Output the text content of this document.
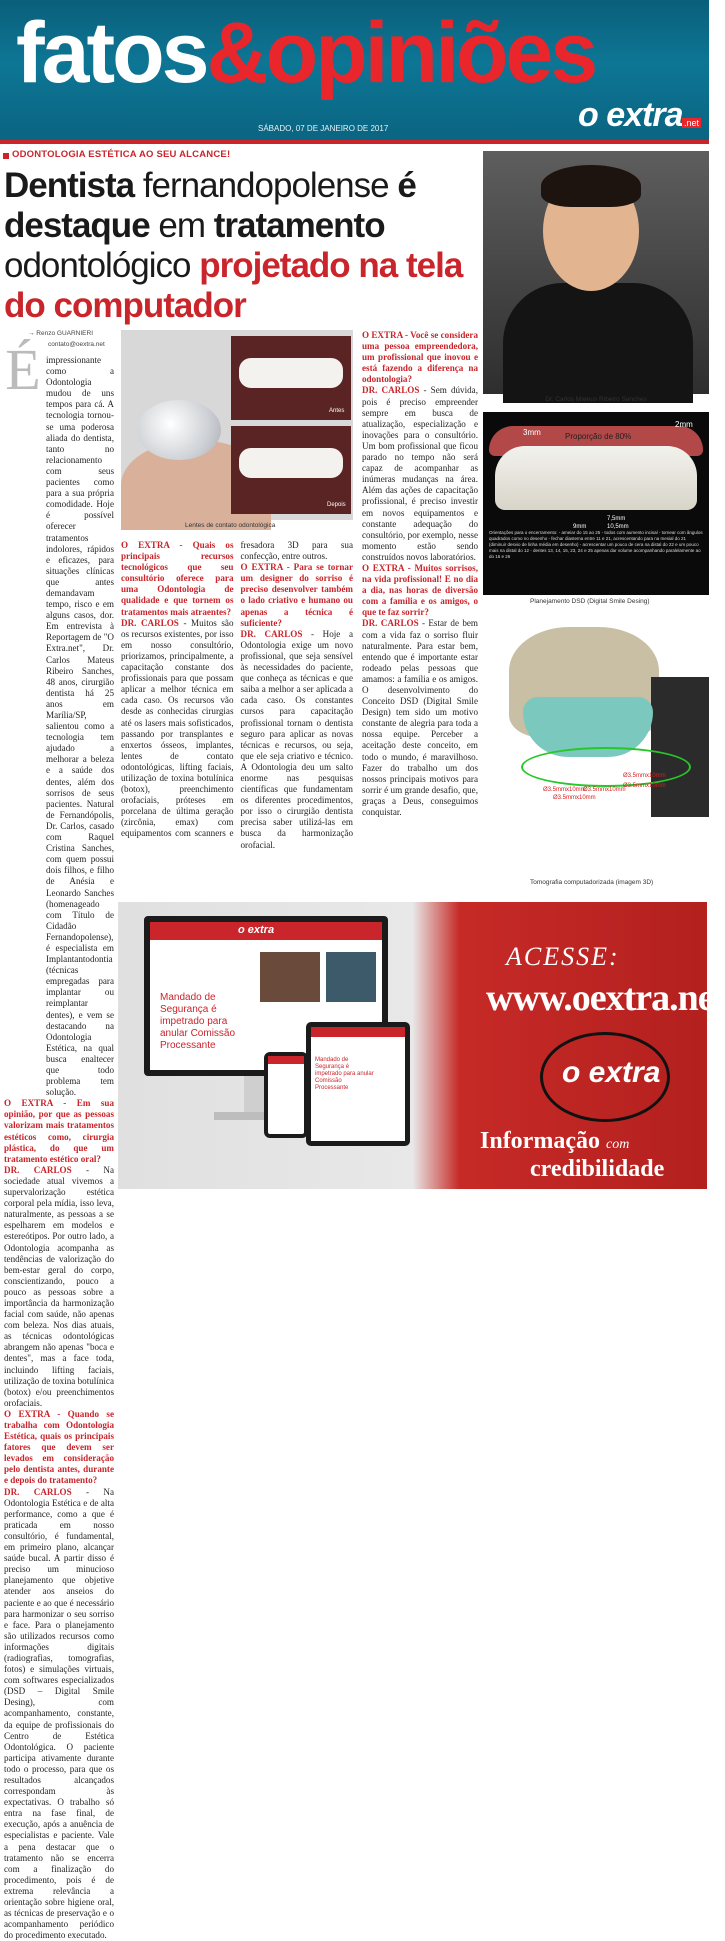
fatos&opiniões
o extra .net
SÁBADO, 07 DE JANEIRO DE 2017
ODONTOLOGIA ESTÉTICA AO SEU ALCANCE!
Dentista fernandopolense é destaque em tratamento odontológico projetado na tela do computador
→ Renzo GUARNIERI
contato@oextra.net
É impressionante como a Odontologia mudou de uns tempos para cá. A tecnologia tornou-se uma poderosa aliada do dentista, tanto no relacionamento com seus pacientes como para a sua própria comodidade. Hoje é possível oferecer tratamentos indolores, rápidos e eficazes, para situações clínicas que antes demandavam tempo, risco e em alguns casos, dor. Em entrevista à Reportagem de "O Extra.net", Dr. Carlos Mateus Ribeiro Sanches, 48 anos, cirurgião dentista há 25 anos em Marília/SP, salientou como a tecnologia tem ajudado a melhorar a beleza e a saúde dos dentes, além dos sorrisos de seus pacientes. Natural de Fernandópolis, Dr. Carlos, casado com Raquel Cristina Sanches, com quem possui dois filhos, e filho de Anésia e Leonardo Sanches (homenageado com Título de Cidadão Fernandopolense), é especialista em Implantantodontia (técnicas empregadas para implantar ou reimplantar dentes), e vem se destacando na Odontologia Estética, na qual busca enaltecer que todo problema tem solução.

O EXTRA - Em sua opinião, por que as pessoas valorizam mais tratamentos estéticos como, cirurgia plástica, do que um tratamento estético oral?

DR. CARLOS - Na sociedade atual vivemos a supervalorização estética corporal pela mídia, isso leva, naturalmente, as pessoas a se espelharem em modelos e estereótipos. Por outro lado, a Odontologia acompanha as tendências de valorização do bem-estar geral do corpo, conscientizando, pouco a pouco as pessoas sobre a importância da harmonização facial com saúde, não apenas com beleza. Nos dias atuais, as técnicas odontológicas abrangem não apenas "boca e dentes", mas a face toda, incluindo lifting faciais, utilização de toxina botulínica (botox) e/ou preenchimentos orofaciais.

O EXTRA - Quando se trabalha com Odontologia Estética, quais os principais fatores que devem ser levados em consideração pelo dentista antes, durante e depois do tratamento?

DR. CARLOS - Na Odontologia Estética e de alta performance, como a que é praticada em nosso consultório, é fundamental, em primeiro plano, alcançar saúde bucal. A partir disso é preciso um minucioso planejamento que objetive atender aos anseios do paciente e ao que é necessário para harmonizar o seu sorriso e face. Para o planejamento são utilizados recursos como informações digitais (radiografias, tomografias, fotos) e simulações virtuais, com softwares especializados (DSD – Digital Smile Desing), com acompanhamento, constante, da equipe de profissionais do Centro de Estética Odontológica. O paciente participa ativamente durante todo o processo, para que os resultados alcançados correspondam às expectativas. O trabalho só entra na fase final, de execução, após a anuência de especialistas e paciente. Vale a pena destacar que o tratamento não se encerra com a finalização do procedimento, pois é de extrema relevância a orientação sobre higiene oral, as técnicas de preservação e o acompanhamento periódico do procedimento executado.

O EXTRA - Quais os principais recursos tecnológicos que seu consultório oferece para uma Odontologia de qualidade e que tornem os tratamentos mais atraentes?

DR. CARLOS - Muitos são os recursos existentes, por isso em nosso consultório, priorizamos, principalmente, a capacitação constante dos profissionais para que possam aplicar a melhor técnica em cada caso. Os recursos vão desde as conhecidas cirurgias até os lasers mais sofisticados, passando por transplantes e enxertos ósseos, implantes, lentes de contato odontológicas, lifting faciais, utilização de toxina botulínica (botox), preenchimento orofaciais, próteses em porcelana de última geração (zircônia, emax) com equipamentos com scanners e fresadora 3D para sua confecção, entre outros.

O EXTRA - Para se tornar um designer do sorriso é preciso desenvolver também o lado criativo e humano ou apenas a técnica é suficiente?

DR. CARLOS - Hoje a Odontologia exige um novo profissional, que seja sensível às necessidades do paciente, que conheça as técnicas e que saiba a melhor a ser aplicada a cada caso. Os constantes cursos para capacitação profissional tornam o dentista seguro para aplicar as novas técnicas e recursos, ou seja, que ele seja criativo e técnico. A Odontologia deu um salto enorme nas pesquisas científicas que fundamentam os diferentes procedimentos, por isso o cirurgião dentista precisa saber utilizá-las em busca da harmonização orofacial.

O EXTRA - Você se considera uma pessoa empreendedora, um profissional que inovou e está fazendo a diferença na odontologia?

DR. CARLOS - Sem dúvida, pois é preciso empreender sempre em busca de atualização, especialização e inovações para o consultório. Um bom profissional que ficou parado no tempo não será capaz de acompanhar as inúmeras mudanças na área. Além das ações de capacitação profissional, é preciso investir em novos equipamentos e constante adequação do consultório, por exemplo, nesse momento estão sendo construídos novos laboratórios.

O EXTRA - Muitos sorrisos, na vida profissional! E no dia a dia, nas horas de diversão com a família e os amigos, o que te faz sorrir?

DR. CARLOS - Estar de bem com a vida faz o sorriso fluir naturalmente. Para estar bem, entendo que é importante estar rodeado pelas pessoas que amamos: a família e os amigos. O desenvolvimento do Conceito DSD (Digital Smile Design) tem sido um motivo constante de alegria para toda a nossa equipe. Perceber a aceitação deste conceito, em todo o mundo, é maravilhoso. Fazer do trabalho um dos nossos principais motivos para sorrir é um grande desafio, que, graças a Deus, conseguimos conquistar.

Antes
Depois
Lentes de contato odontológica
Dr. Carlos Mateus Ribeiro Sanches
3mm	Proporção de 80%
2mm
7,5mm
9mm	10,5mm
Orientações para o encerramento: - ameiar do 15 ao 25 - todos com aumento incisal - tornear com ângulos quadrados como no desenho - fechar diastema entre 11 e 21, acrescentando para na mesial do 21 (diminuir desvio de linha média em desenho) - acrescentar um pouco de cera na distal do 22 e um pouco mais na distal do 12 - dentes 13, 14, 15, 23, 24 e 25 apenas dar volume acompanhando paralelamente ao do 16 e 26
Planejamento DSD (Digital Smile Desing)
Ø3.5mmx10mm
Ø3.5mmx10mm
Ø3.5mmx10mm
Ø3.5mmx10mm
Ø3.5mmx10mm
Tomografia computadorizada (imagem 3D)
o extra
Mandado de Segurança é impetrado para anular Comissão Processante
Mandado de Segurança é impetrado para anular Comissão Processante
ACESSE:
www.oextra.net
o extra
Informação com
credibilidade
